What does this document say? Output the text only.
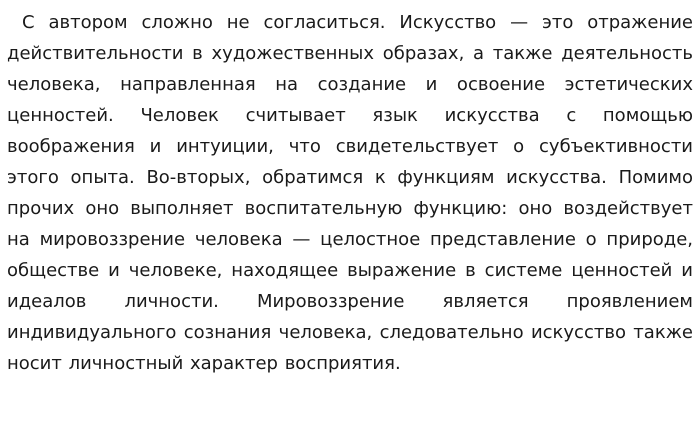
С автором сложно не согласиться. Искусство — это отражение действительности в художественных образах, а также деятельность человека, направленная на создание и освоение эстетических ценностей. Человек считывает язык искусства с помощью воображения и интуиции, что свидетельствует о субъективности этого опыта. Во-вторых, обратимся к функциям искусства. Помимо прочих оно выполняет воспитательную функцию: оно воздействует на мировоззрение человека — целостное представление о природе, обществе и человеке, находящее выражение в системе ценностей и идеалов личности. Мировоззрение является проявлением индивидуального сознания человека, следовательно искусство также носит личностный характер восприятия.
